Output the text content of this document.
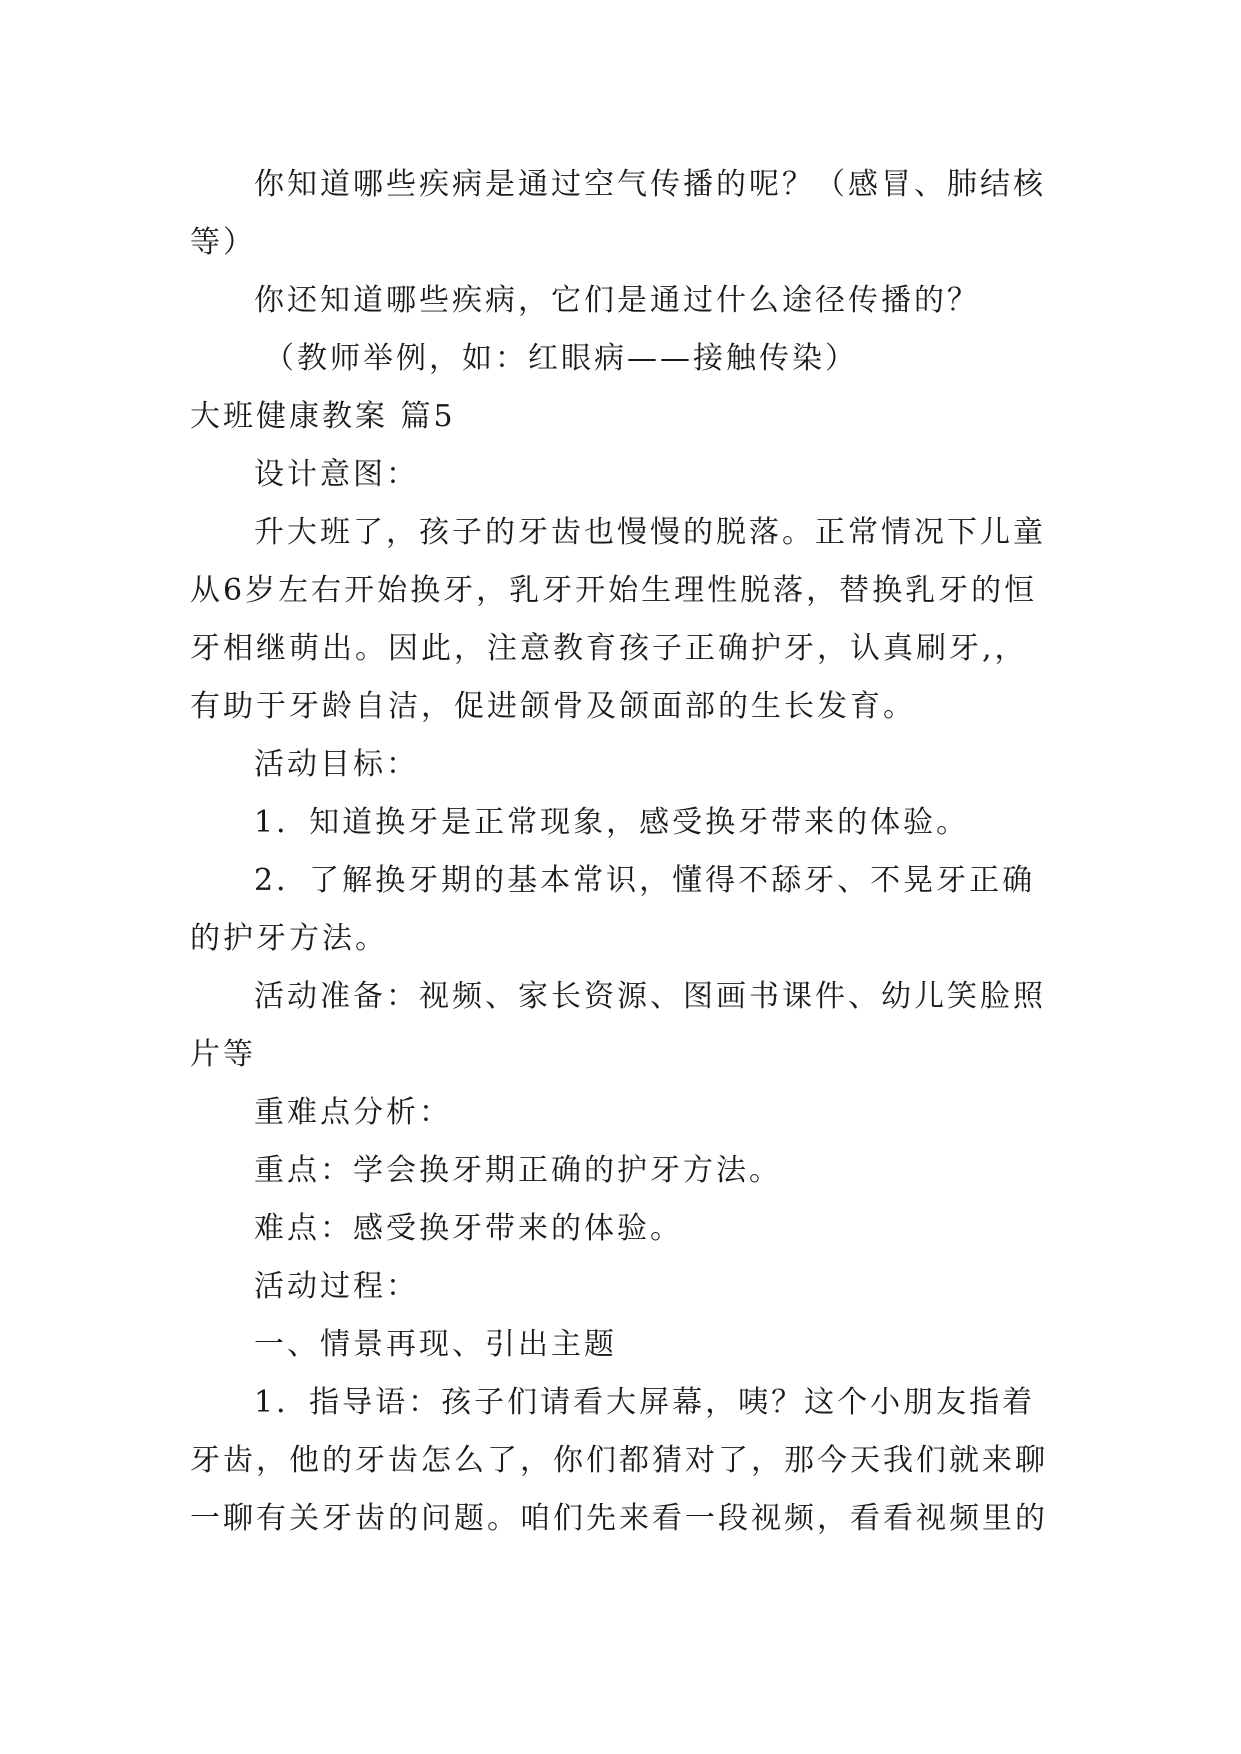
你知道哪些疾病是通过空气传播的呢？（感冒、肺结核等）

你还知道哪些疾病，它们是通过什么途径传播的？

（教师举例，如：红眼病——接触传染）

大班健康教案 篇5

设计意图：

升大班了，孩子的牙齿也慢慢的脱落。正常情况下儿童从6岁左右开始换牙，乳牙开始生理性脱落，替换乳牙的恒牙相继萌出。因此，注意教育孩子正确护牙，认真刷牙,，有助于牙龄自洁，促进颌骨及颌面部的生长发育。

活动目标：

1．知道换牙是正常现象，感受换牙带来的体验。

2．了解换牙期的基本常识，懂得不舔牙、不晃牙正确的护牙方法。

活动准备：视频、家长资源、图画书课件、幼儿笑脸照片等

重难点分析：

重点：学会换牙期正确的护牙方法。

难点：感受换牙带来的体验。

活动过程：

一、情景再现、引出主题

1．指导语：孩子们请看大屏幕，咦？这个小朋友指着牙齿，他的牙齿怎么了，你们都猜对了，那今天我们就来聊一聊有关牙齿的问题。咱们先来看一段视频，看看视频里的
